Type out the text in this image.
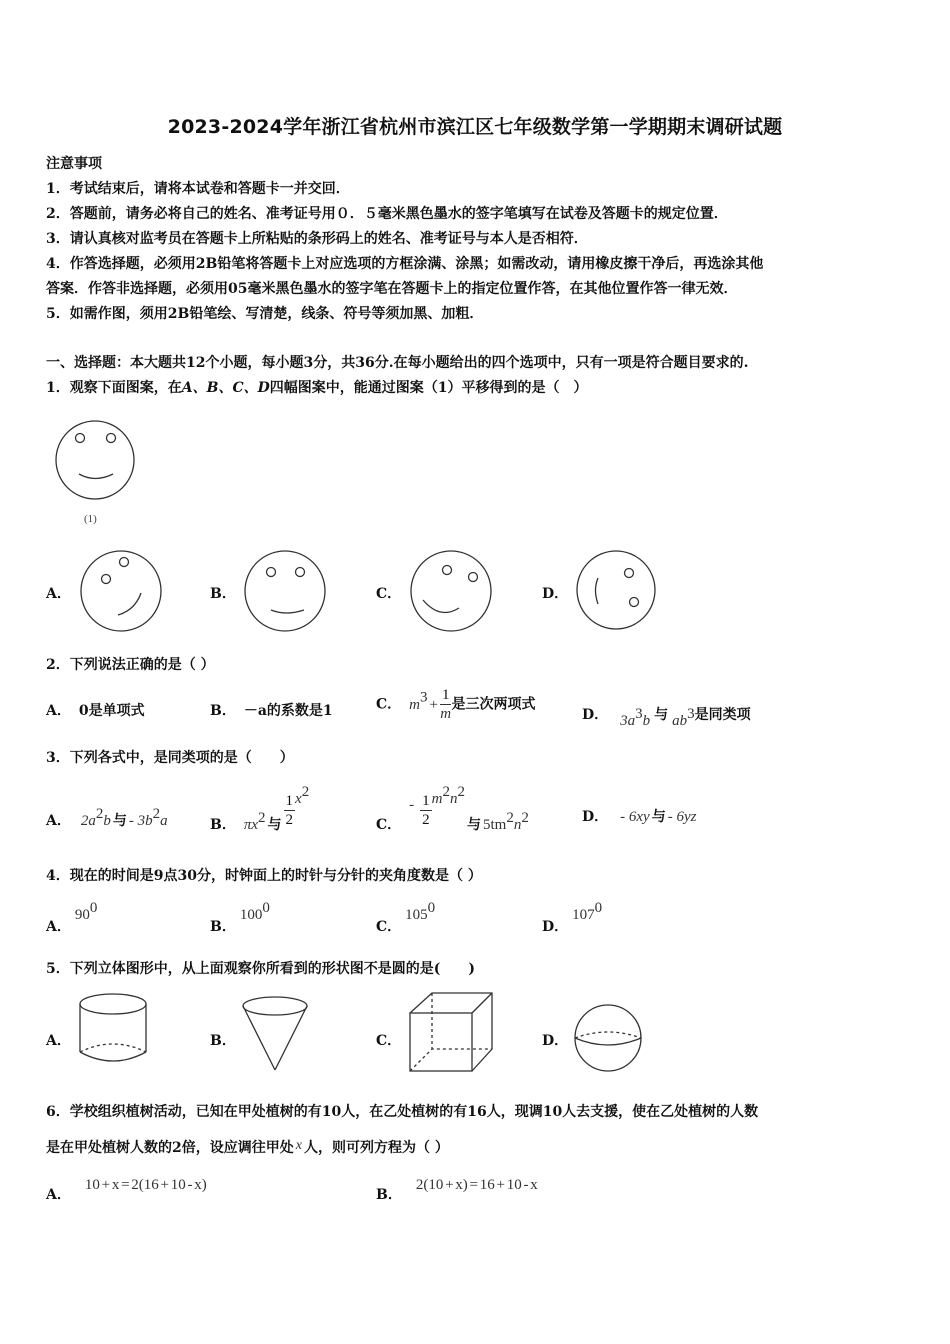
2023-2024学年浙江省杭州市滨江区七年级数学第一学期期末调研试题
注意事项
1．考试结束后，请将本试卷和答题卡一并交回．
2．答题前，请务必将自己的姓名、准考证号用０．５毫米黑色墨水的签字笔填写在试卷及答题卡的规定位置．
3．请认真核对监考员在答题卡上所粘贴的条形码上的姓名、准考证号与本人是否相符．
4．作答选择题，必须用2B铅笔将答题卡上对应选项的方框涂满、涂黑；如需改动，请用橡皮擦干净后，再选涂其他
答案．作答非选择题，必须用05毫米黑色墨水的签字笔在答题卡上的指定位置作答，在其他位置作答一律无效．
5．如需作图，须用2B铅笔绘、写清楚，线条、符号等须加黑、加粗．
一、选择题：本大题共12个小题，每小题3分，共36分.在每小题给出的四个选项中，只有一项是符合题目要求的.
1．观察下面图案，在A、B、C、D四幅图案中，能通过图案（1）平移得到的是（　）
(1)
A．	B．	C．	D．
2．下列说法正确的是（ ）
A． 0是单项式	B． －a的系数是1	C． $m^3 + \frac{1}{m}$ 是三次两项式
D． $3a^3b$ 与 $ab^3$是同类项
3．下列各式中，是同类项的是（　　）
A． $2a^2b$ 与 - $3b^2a$	B． $\pi x^2$ 与 $\frac{1}{2} x^2$
C．- $\frac{1}{2} m^2n^2$与 $5tm^2n^2$	D． - 6xy 与 - 6yz
4．现在的时间是9点30分，时钟面上的时针与分针的夹角度数是（ ）
A．$90^0$
B．$100^0$
C．$105^0$
D．$107^0$
5．下列立体图形中，从上面观察你所看到的形状图不是圆的是(　　)
A．	B．	C．	D．
6．学校组织植树活动，已知在甲处植树的有10人，在乙处植树的有16人，现调10人去支援，使在乙处植树的人数
是在甲处植树人数的2倍，设应调往甲处 x 人，则可列方程为（ ）
A．10 + x = 2(16 + 10 - x)
B．2(10 + x) = 16 + 10 - x
